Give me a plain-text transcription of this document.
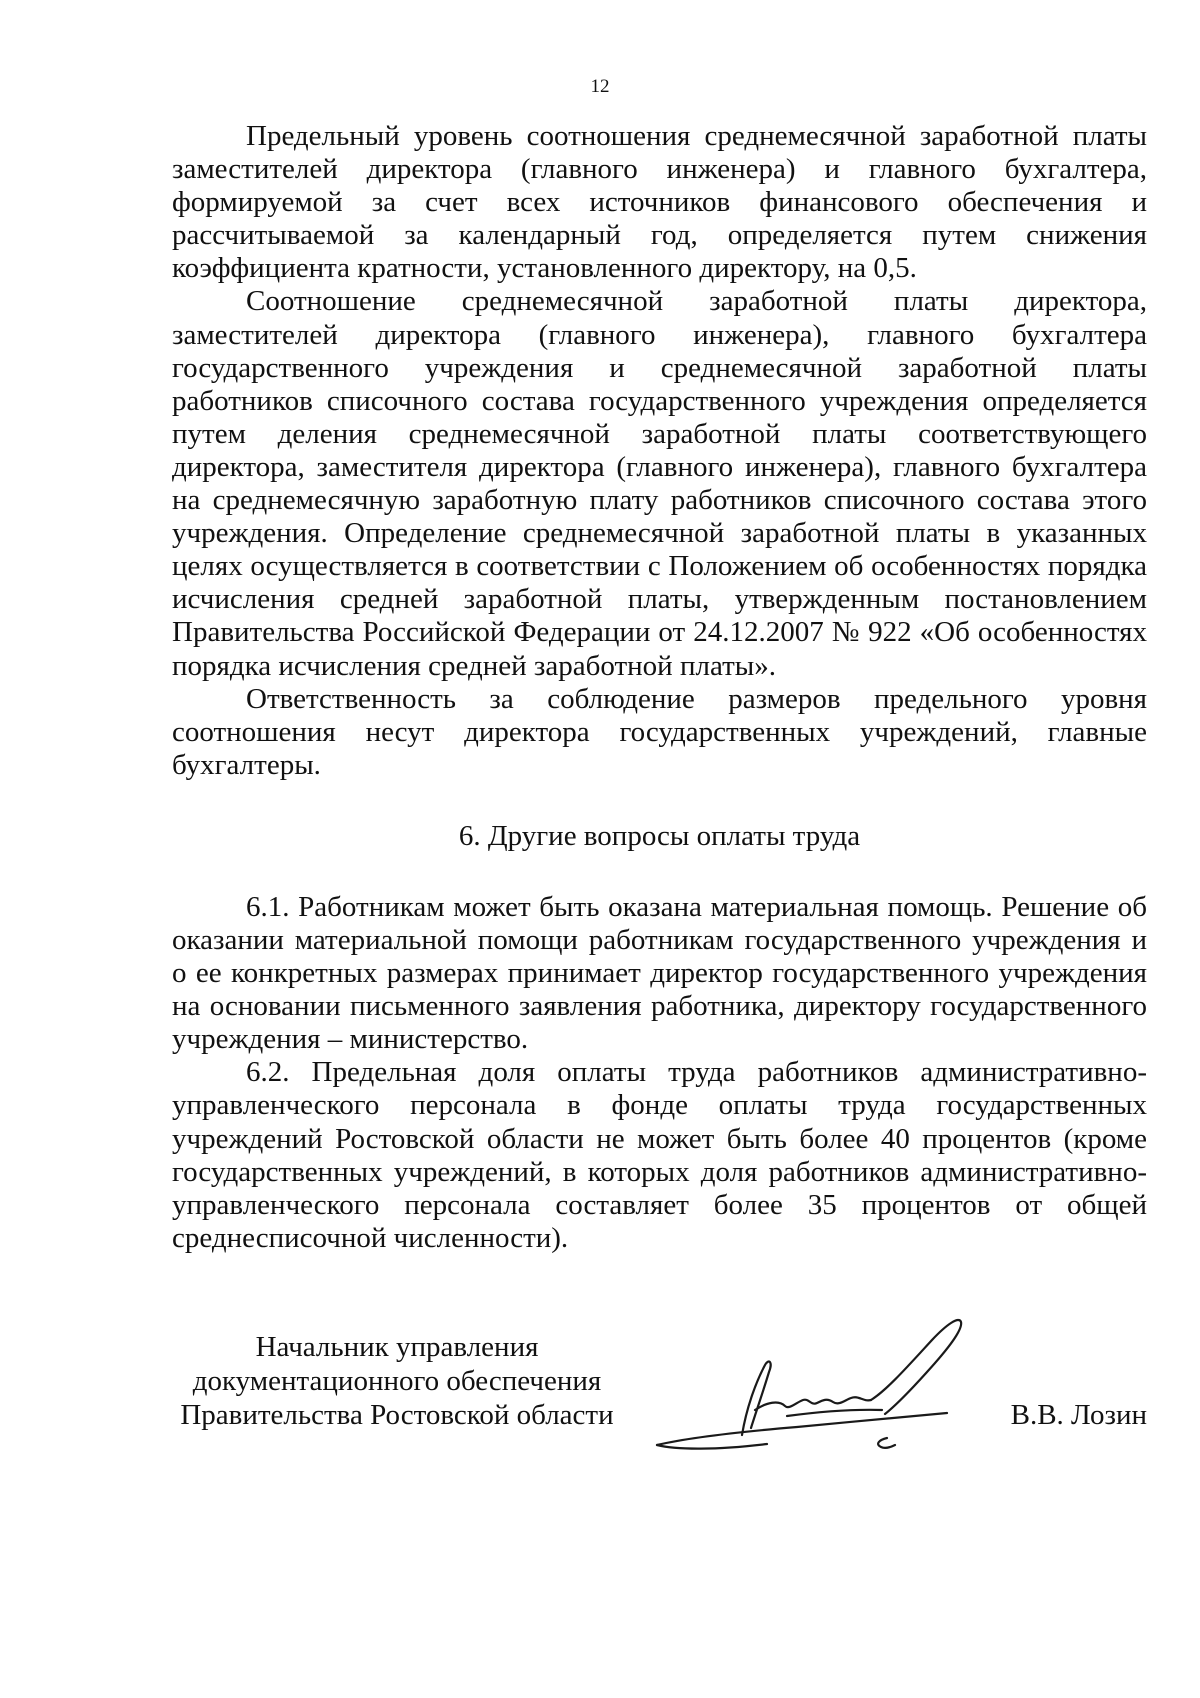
12

Предельный уровень соотношения среднемесячной заработной платы заместителей директора (главного инженера) и главного бухгалтера, формируемой за счет всех источников финансового обеспечения и рассчитываемой за календарный год, определяется путем снижения коэффициента кратности, установленного директору, на 0,5.

Соотношение среднемесячной заработной платы директора, заместителей директора (главного инженера), главного бухгалтера государственного учреждения и среднемесячной заработной платы работников списочного состава государственного учреждения определяется путем деления среднемесячной заработной платы соответствующего директора, заместителя директора (главного инженера), главного бухгалтера на среднемесячную заработную плату работников списочного состава этого учреждения. Определение среднемесячной заработной платы в указанных целях осуществляется в соответствии с Положением об особенностях порядка исчисления средней заработной платы, утвержденным постановлением Правительства Российской Федерации от 24.12.2007 № 922 «Об особенностях порядка исчисления средней заработной платы».

Ответственность за соблюдение размеров предельного уровня соотношения несут директора государственных учреждений, главные бухгалтеры.

6. Другие вопросы оплаты труда

6.1. Работникам может быть оказана материальная помощь. Решение об оказании материальной помощи работникам государственного учреждения и о ее конкретных размерах принимает директор государственного учреждения на основании письменного заявления работника, директору государственного учреждения – министерство.

6.2. Предельная доля оплаты труда работников административно-управленческого персонала в фонде оплаты труда государственных учреждений Ростовской области не может быть более 40 процентов (кроме государственных учреждений, в которых доля работников административно-управленческого персонала составляет более 35 процентов от общей среднесписочной численности).

Начальник управления
документационного обеспечения
Правительства Ростовской области	В.В. Лозин
